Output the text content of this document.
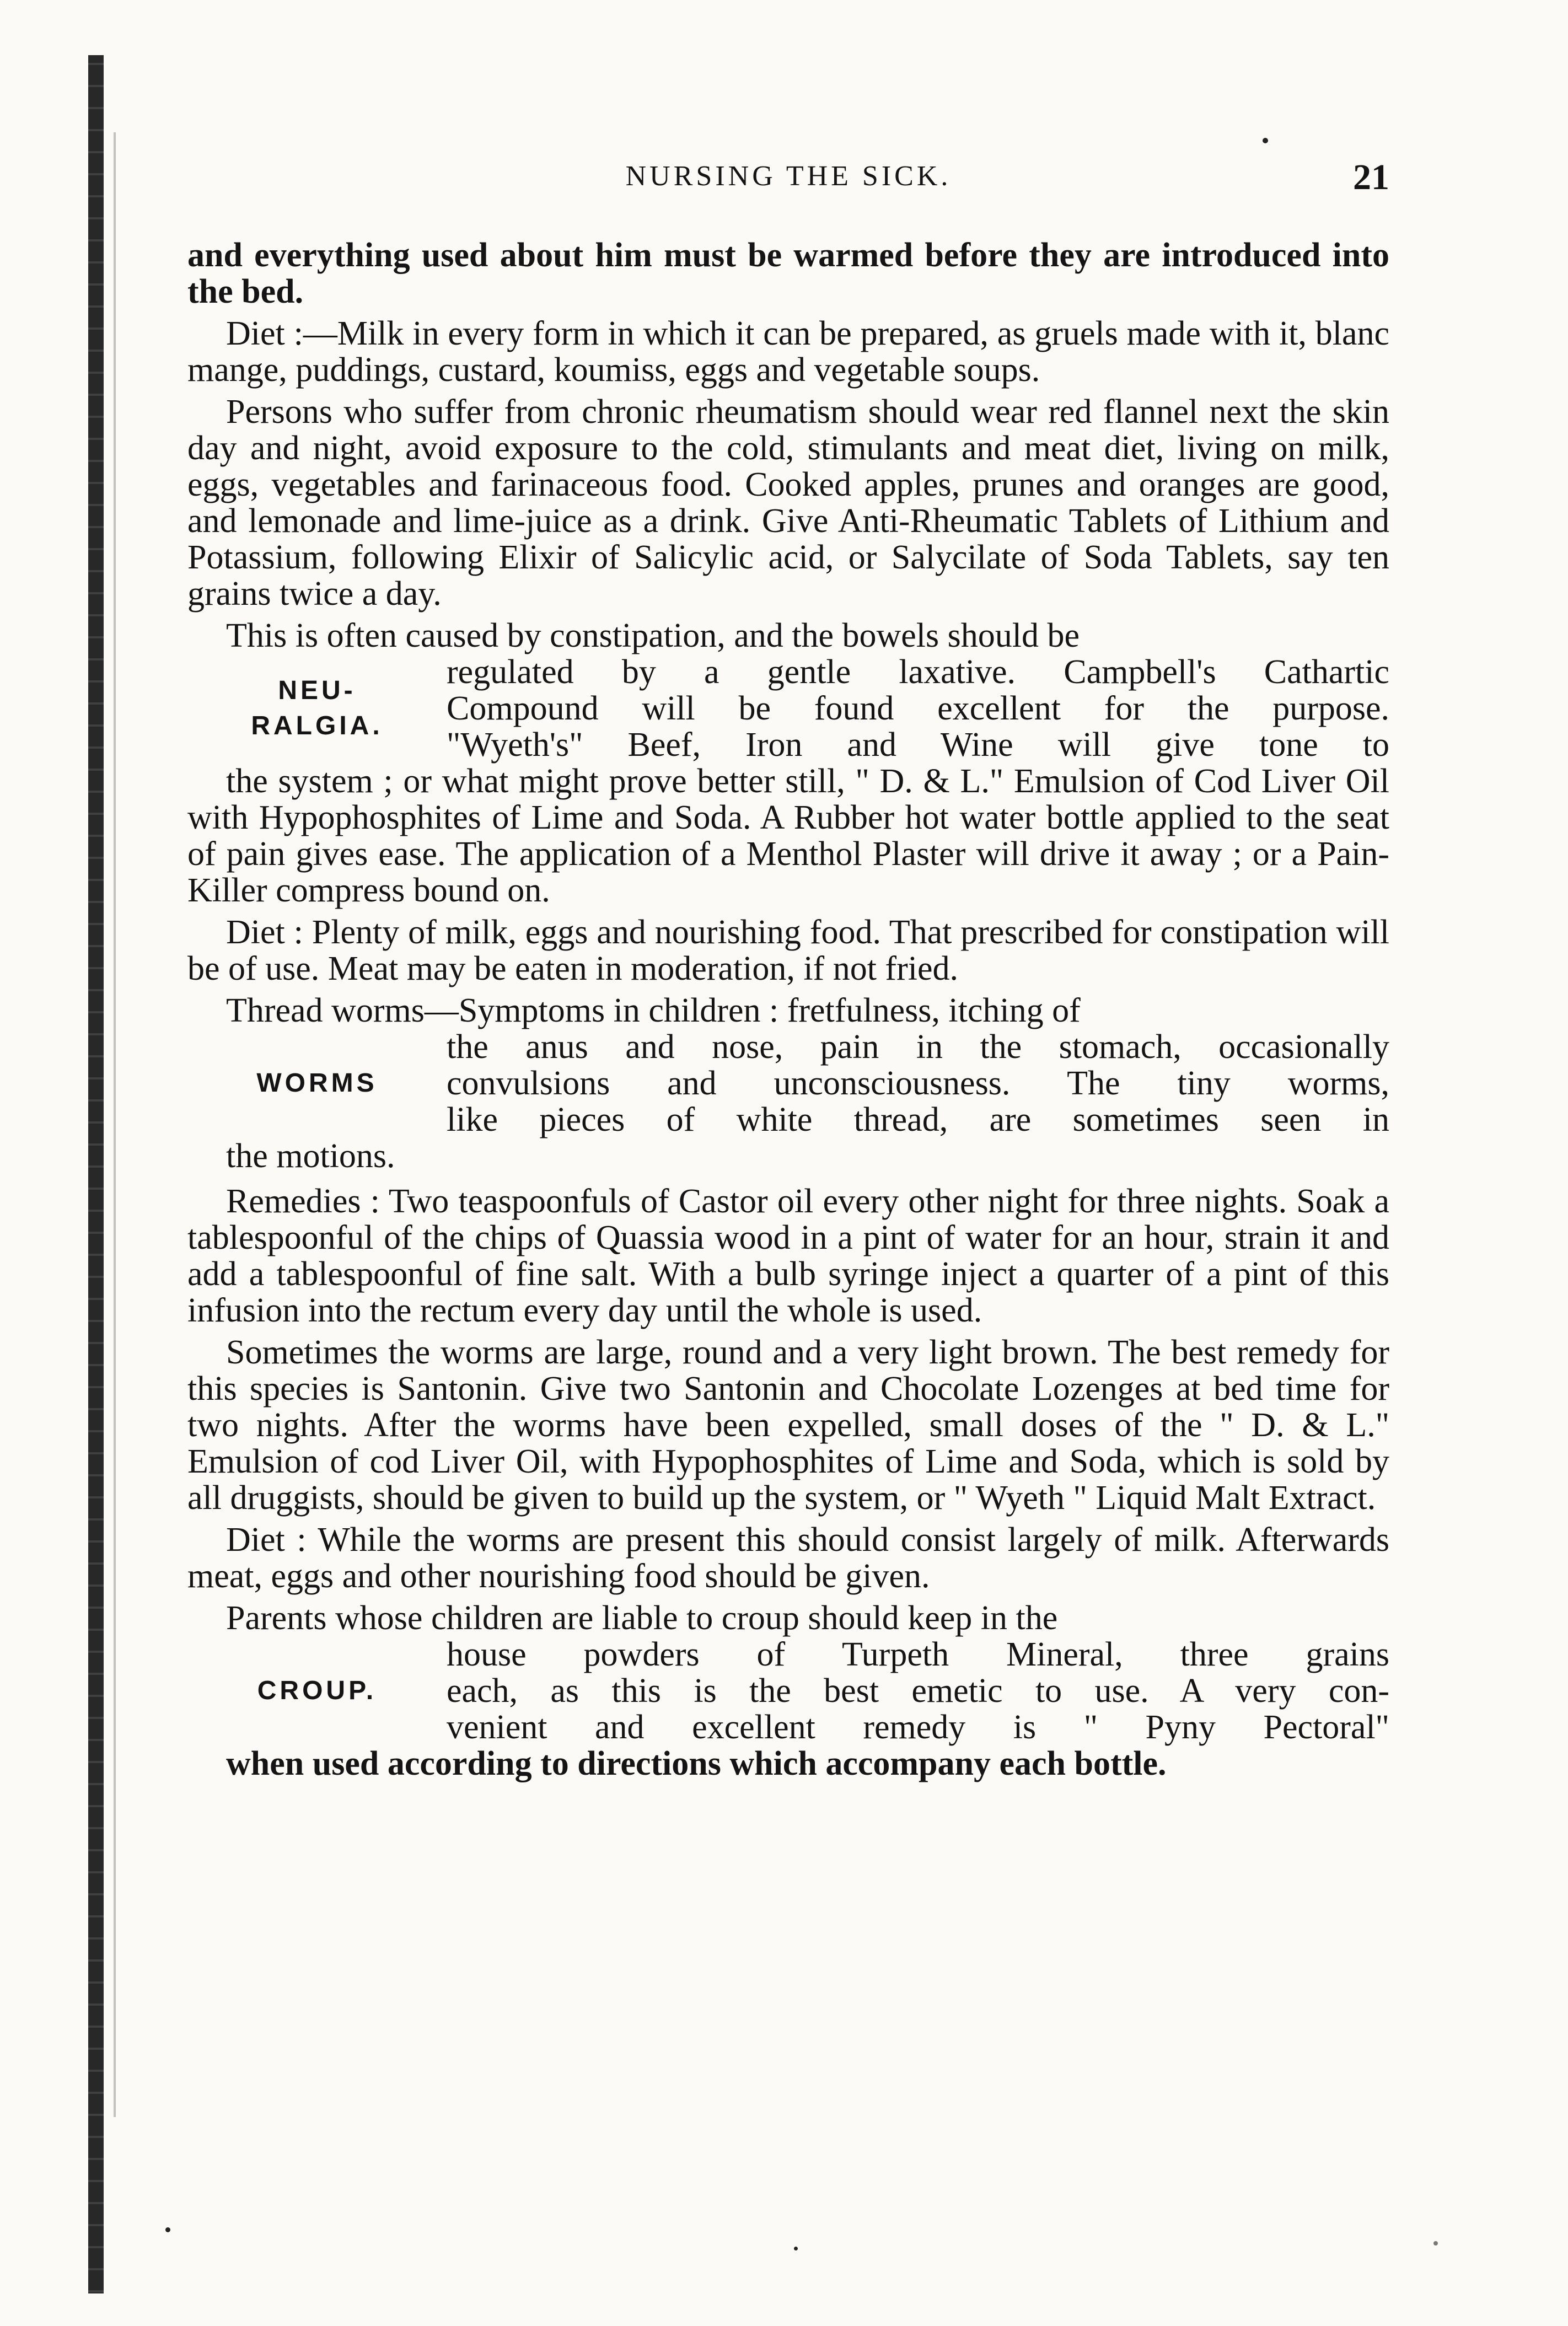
NURSING THE SICK.	21

and everything used about him must be warmed before they are introduced into the bed.

Diet :—Milk in every form in which it can be prepared, as gruels made with it, blanc mange, puddings, custard, koumiss, eggs and vegetable soups.

Persons who suffer from chronic rheumatism should wear red flannel next the skin day and night, avoid exposure to the cold, stimulants and meat diet, living on milk, eggs, vegetables and farinaceous food. Cooked apples, prunes and oranges are good, and lemonade and lime-juice as a drink. Give Anti-Rheumatic Tablets of Lithium and Potassium, following Elixir of Salicylic acid, or Salycilate of Soda Tablets, say ten grains twice a day.

This is often caused by constipation, and the bowels should be

NEU-
RALGIA.
regulated by a gentle laxative. Campbell's Cathartic
Compound will be found excellent for the purpose.
"Wyeth's" Beef, Iron and Wine will give tone to

the system ; or what might prove better still, " D. & L." Emulsion of Cod Liver Oil with Hypophosphites of Lime and Soda. A Rubber hot water bottle applied to the seat of pain gives ease. The application of a Menthol Plaster will drive it away ; or a Pain-Killer compress bound on.

Diet : Plenty of milk, eggs and nourishing food. That prescribed for constipation will be of use. Meat may be eaten in moderation, if not fried.

Thread worms—Symptoms in children : fretfulness, itching of

WORMS
the anus and nose, pain in the stomach, occasionally
convulsions and unconsciousness. The tiny worms,
like pieces of white thread, are sometimes seen in

the motions.

Remedies : Two teaspoonfuls of Castor oil every other night for three nights. Soak a tablespoonful of the chips of Quassia wood in a pint of water for an hour, strain it and add a tablespoonful of fine salt. With a bulb syringe inject a quarter of a pint of this infusion into the rectum every day until the whole is used.

Sometimes the worms are large, round and a very light brown. The best remedy for this species is Santonin. Give two Santonin and Chocolate Lozenges at bed time for two nights. After the worms have been expelled, small doses of the " D. & L." Emulsion of cod Liver Oil, with Hypophosphites of Lime and Soda, which is sold by all druggists, should be given to build up the system, or " Wyeth " Liquid Malt Extract.

Diet : While the worms are present this should consist largely of milk. Afterwards meat, eggs and other nourishing food should be given.

Parents whose children are liable to croup should keep in the

CROUP.
house powders of Turpeth Mineral, three grains
each, as this is the best emetic to use. A very con-
venient and excellent remedy is " Pyny Pectoral"

when used according to directions which accompany each bottle.
